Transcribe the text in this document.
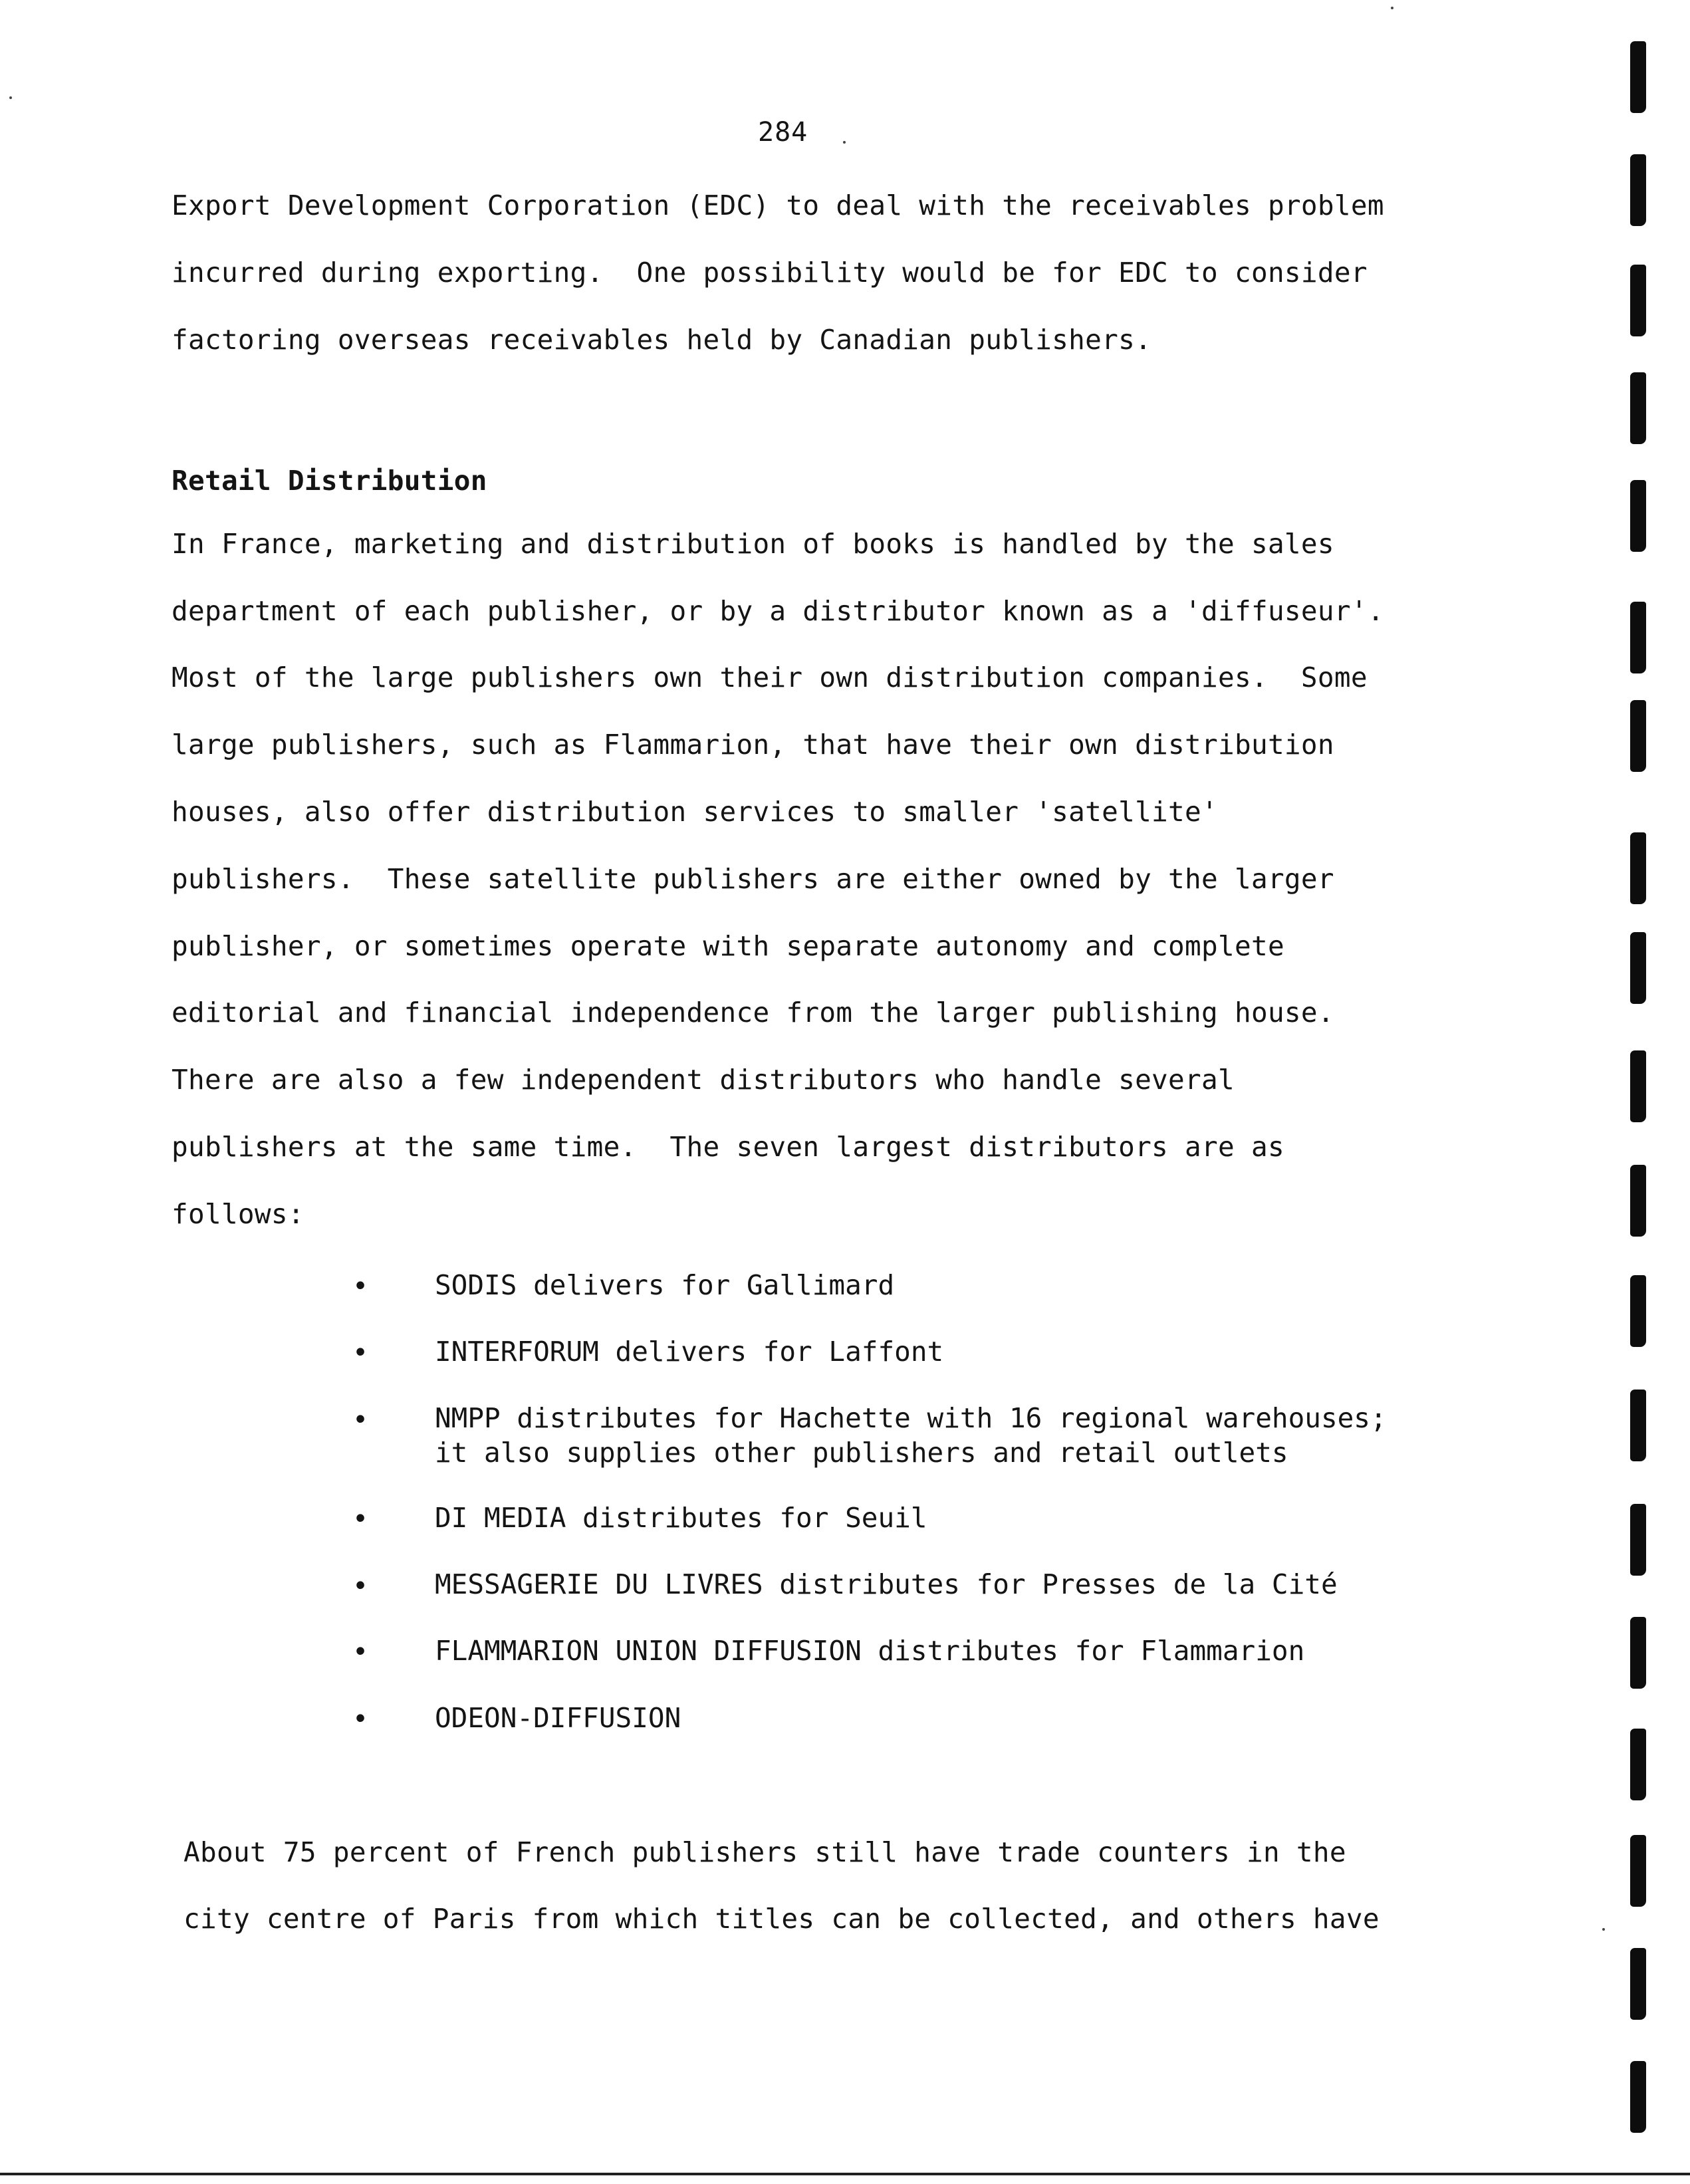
284
Export Development Corporation (EDC) to deal with the receivables problem
incurred during exporting.  One possibility would be for EDC to consider
factoring overseas receivables held by Canadian publishers.
Retail Distribution
In France, marketing and distribution of books is handled by the sales
department of each publisher, or by a distributor known as a 'diffuseur'.
Most of the large publishers own their own distribution companies.  Some
large publishers, such as Flammarion, that have their own distribution
houses, also offer distribution services to smaller 'satellite'
publishers.  These satellite publishers are either owned by the larger
publisher, or sometimes operate with separate autonomy and complete
editorial and financial independence from the larger publishing house.
There are also a few independent distributors who handle several
publishers at the same time.  The seven largest distributors are as
follows:
• SODIS delivers for Gallimard
• INTERFORUM delivers for Laffont
• NMPP distributes for Hachette with 16 regional warehouses;
it also supplies other publishers and retail outlets
• DI MEDIA distributes for Seuil
• MESSAGERIE DU LIVRES distributes for Presses de la Cité
• FLAMMARION UNION DIFFUSION distributes for Flammarion
• ODEON-DIFFUSION
About 75 percent of French publishers still have trade counters in the
city centre of Paris from which titles can be collected, and others have
